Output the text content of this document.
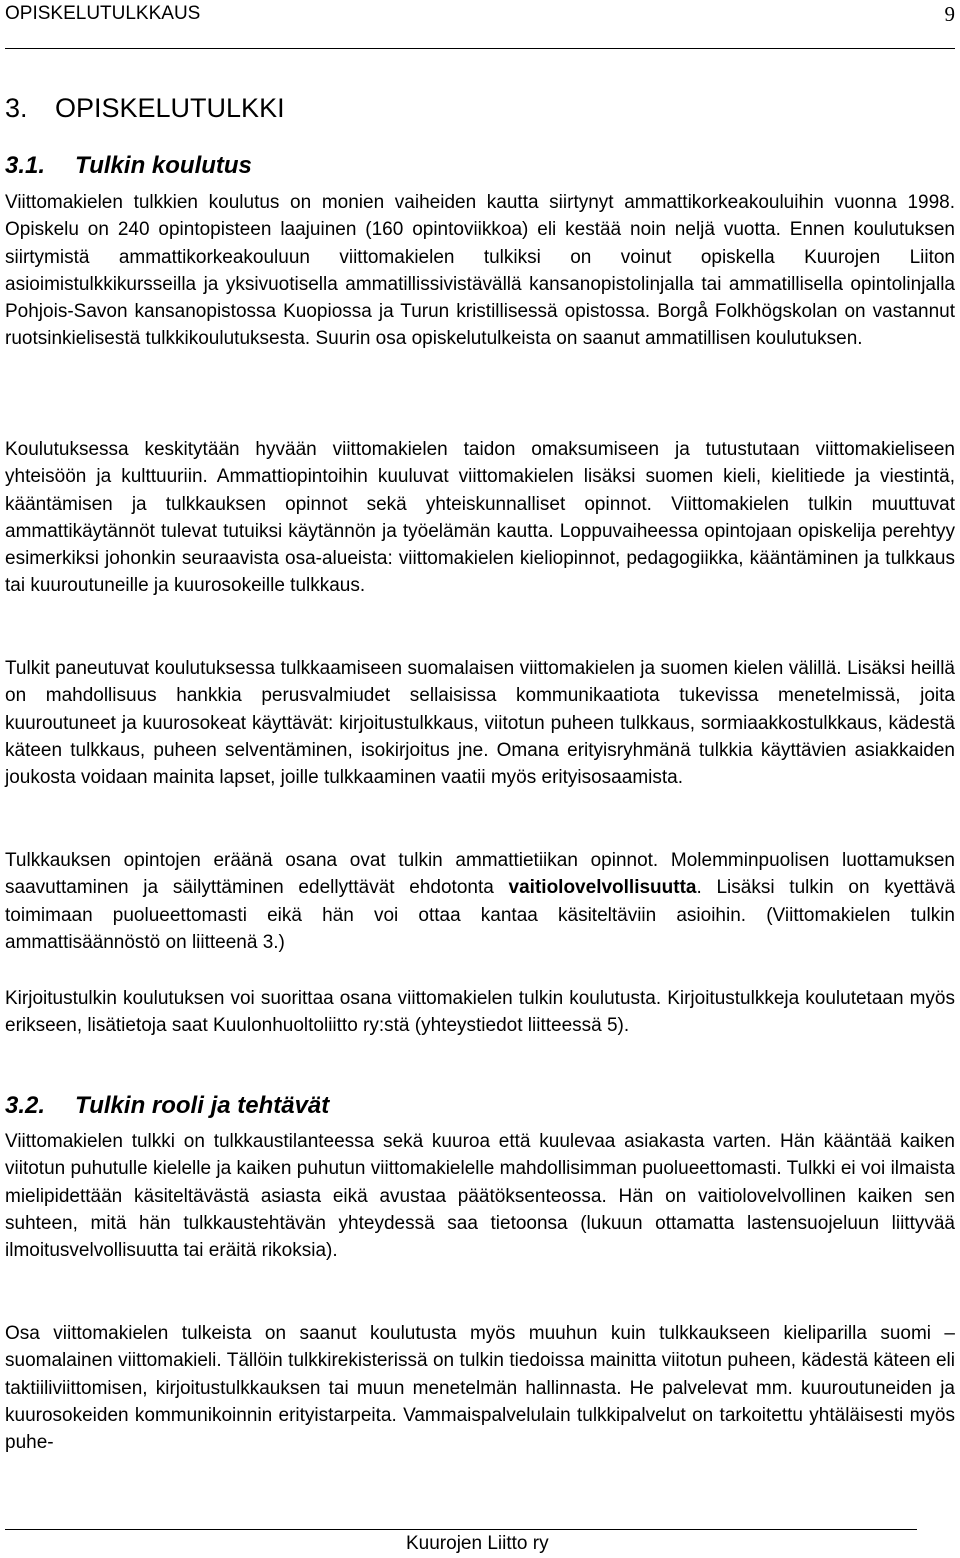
OPISKELUTULKKAUS	9
3. OPISKELUTULKKI
3.1. Tulkin koulutus
Viittomakielen tulkkien koulutus on monien vaiheiden kautta siirtynyt ammattikorkeakouluihin vuonna 1998. Opiskelu on 240 opintopisteen laajuinen (160 opintoviikkoa) eli kestää noin neljä vuotta. Ennen koulutuksen siirtymistä ammattikorkeakouluun viittomakielen tulkiksi on voinut opiskella Kuurojen Liiton asioimistulkkikursseilla ja yksivuotisella ammatillissivistävällä kansanopistolinjalla tai ammatillisella opintolinjalla Pohjois-Savon kansanopistossa Kuopiossa ja Turun kristillisessä opistossa. Borgå Folkhögskolan on vastannut ruotsinkielisestä tulkkikoulutuksesta. Suurin osa opiskelutulkeista on saanut ammatillisen koulutuksen.
Koulutuksessa keskitytään hyvään viittomakielen taidon omaksumiseen ja tutustutaan viittomakieliseen yhteisöön ja kulttuuriin. Ammattiopintoihin kuuluvat viittomakielen lisäksi suomen kieli, kielitiede ja viestintä, kääntämisen ja tulkkauksen opinnot sekä yhteiskunnalliset opinnot. Viittomakielen tulkin muuttuvat ammattikäytännöt tulevat tutuiksi käytännön ja työelämän kautta. Loppuvaiheessa opintojaan opiskelija perehtyy esimerkiksi johonkin seuraavista osa-alueista: viittomakielen kieliopinnot, pedagogiikka, kääntäminen ja tulkkaus tai kuuroutuneille ja kuurosokeille tulkkaus.
Tulkit paneutuvat koulutuksessa tulkkaamiseen suomalaisen viittomakielen ja suomen kielen välillä. Lisäksi heillä on mahdollisuus hankkia perusvalmiudet sellaisissa kommunikaatiota tukevissa menetelmissä, joita kuuroutuneet ja kuurosokeat käyttävät: kirjoitustulkkaus, viitotun puheen tulkkaus, sormiaakkostulkkaus, kädestä käteen tulkkaus, puheen selventäminen, isokirjoitus jne. Omana erityisryhmänä tulkkia käyttävien asiakkaiden joukosta voidaan mainita lapset, joille tulkkaaminen vaatii myös erityisosaamista.
Tulkkauksen opintojen eräänä osana ovat tulkin ammattietiikan opinnot. Molemminpuolisen luottamuksen saavuttaminen ja säilyttäminen edellyttävät ehdotonta vaitiolovelvollisuutta. Lisäksi tulkin on kyettävä toimimaan puolueettomasti eikä hän voi ottaa kantaa käsiteltäviin asioihin. (Viittomakielen tulkin ammattisäännöstö on liitteenä 3.)
Kirjoitustulkin koulutuksen voi suorittaa osana viittomakielen tulkin koulutusta. Kirjoitustulkkeja koulutetaan myös erikseen, lisätietoja saat Kuulonhuoltoliitto ry:stä (yhteystiedot liitteessä 5).
3.2. Tulkin rooli ja tehtävät
Viittomakielen tulkki on tulkkaustilanteessa sekä kuuroa että kuulevaa asiakasta varten. Hän kääntää kaiken viitotun puhutulle kielelle ja kaiken puhutun viittomakielelle mahdollisimman puolueettomasti. Tulkki ei voi ilmaista mielipidettään käsiteltävästä asiasta eikä avustaa päätöksenteossa. Hän on vaitiolovelvollinen kaiken sen suhteen, mitä hän tulkkaustehtävän yhteydessä saa tietoonsa (lukuun ottamatta lastensuojeluun liittyvää ilmoitusvelvollisuutta tai eräitä rikoksia).
Osa viittomakielen tulkeista on saanut koulutusta myös muuhun kuin tulkkaukseen kieliparilla suomi – suomalainen viittomakieli. Tällöin tulkkirekisterissä on tulkin tiedoissa mainitta viitotun puheen, kädestä käteen eli taktiiliviittomisen, kirjoitustulkkauksen tai muun menetelmän hallinnasta. He palvelevat mm. kuuroutuneiden ja kuurosokeiden kommunikoinnin erityistarpeita. Vammaispalvelulain tulkkipalvelut on tarkoitettu yhtäläisesti myös puhe-
Kuurojen Liitto ry
